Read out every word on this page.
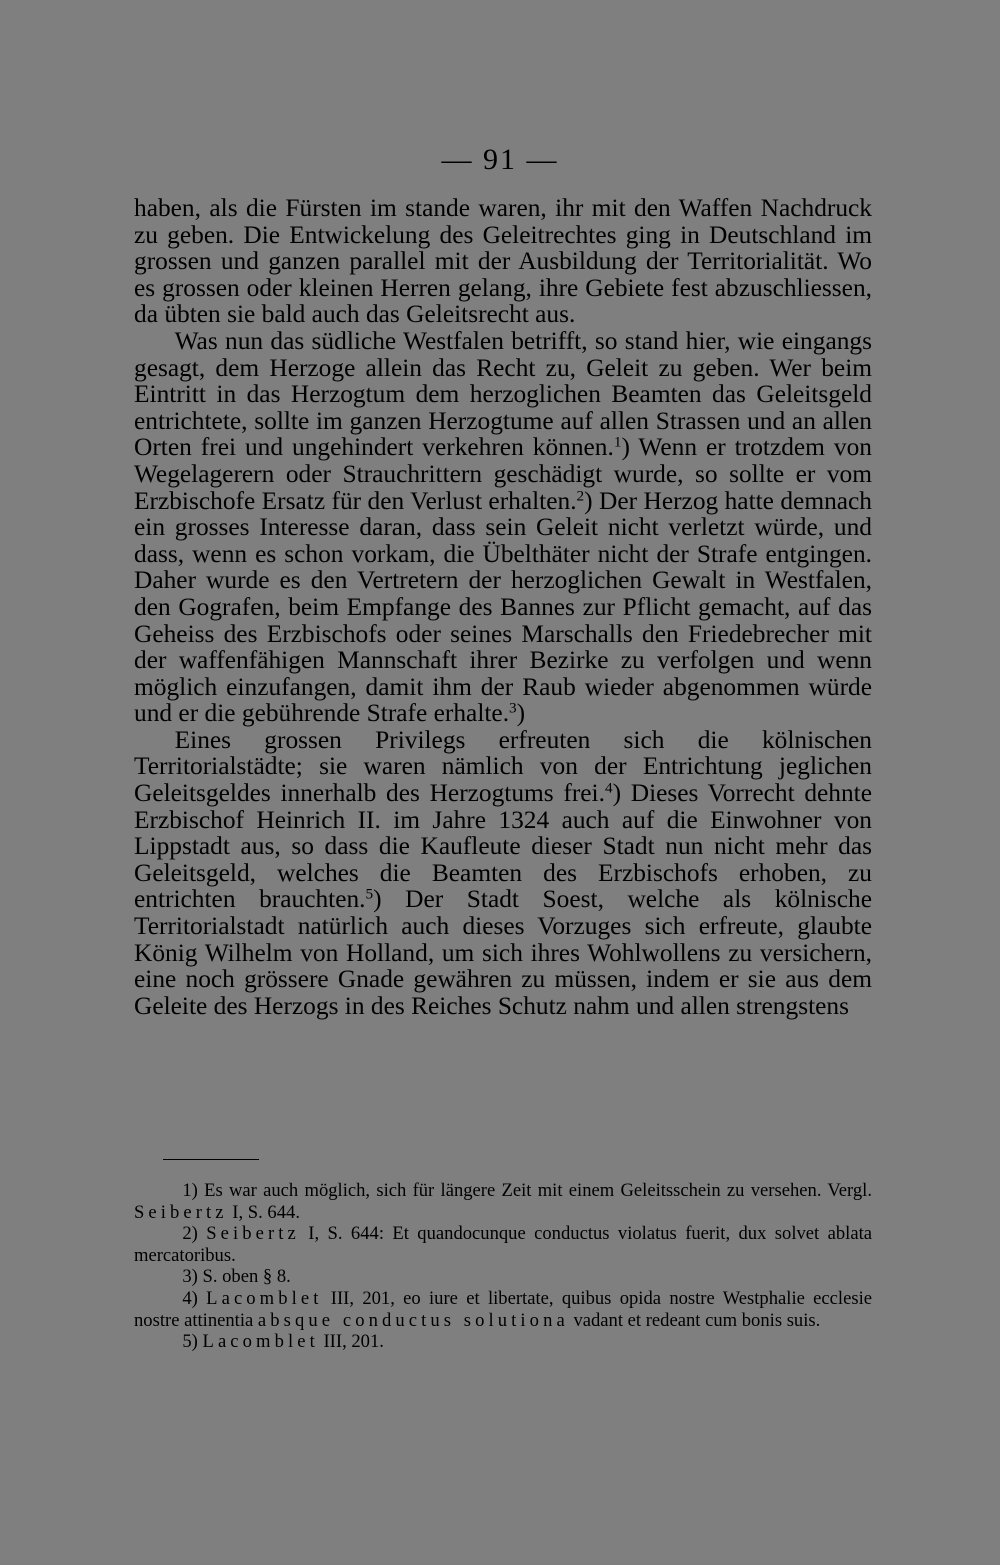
— 91 —

haben, als die Fürsten im stande waren, ihr mit den Waffen Nachdruck zu geben. Die Entwickelung des Geleitrechtes ging in Deutschland im grossen und ganzen parallel mit der Ausbildung der Territorialität. Wo es grossen oder kleinen Herren gelang, ihre Gebiete fest abzuschliessen, da übten sie bald auch das Geleitsrecht aus.

Was nun das südliche Westfalen betrifft, so stand hier, wie eingangs gesagt, dem Herzoge allein das Recht zu, Geleit zu geben. Wer beim Eintritt in das Herzogtum dem herzoglichen Beamten das Geleitsgeld entrichtete, sollte im ganzen Herzogtume auf allen Strassen und an allen Orten frei und ungehindert verkehren können.$^1$) Wenn er trotzdem von Wegelagerern oder Strauchrittern geschädigt wurde, so sollte er vom Erzbischofe Ersatz für den Verlust erhalten.$^2$) Der Herzog hatte demnach ein grosses Interesse daran, dass sein Geleit nicht verletzt würde, und dass, wenn es schon vorkam, die Übelthäter nicht der Strafe entgingen. Daher wurde es den Vertretern der herzoglichen Gewalt in Westfalen, den Gografen, beim Empfange des Bannes zur Pflicht gemacht, auf das Geheiss des Erzbischofs oder seines Marschalls den Friedebrecher mit der waffenfähigen Mannschaft ihrer Bezirke zu verfolgen und wenn möglich einzufangen, damit ihm der Raub wieder abgenommen würde und er die gebührende Strafe erhalte.$^3$)

Eines grossen Privilegs erfreuten sich die kölnischen Territorialstädte; sie waren nämlich von der Entrichtung jeglichen Geleitsgeldes innerhalb des Herzogtums frei.$^4$) Dieses Vorrecht dehnte Erzbischof Heinrich II. im Jahre 1324 auch auf die Einwohner von Lippstadt aus, so dass die Kaufleute dieser Stadt nun nicht mehr das Geleitsgeld, welches die Beamten des Erzbischofs erhoben, zu entrichten brauchten.$^5$) Der Stadt Soest, welche als kölnische Territorialstadt natürlich auch dieses Vorzuges sich erfreute, glaubte König Wilhelm von Holland, um sich ihres Wohlwollens zu versichern, eine noch grössere Gnade gewähren zu müssen, indem er sie aus dem Geleite des Herzogs in des Reiches Schutz nahm und allen strengstens

1) Es war auch möglich, sich für längere Zeit mit einem Geleitsschein zu versehen. Vergl. Seibertz I, S. 644.

2) Seibertz I, S. 644: Et quandocunque conductus violatus fuerit, dux solvet ablata mercatoribus.

3) S. oben § 8.

4) Lacomblet III, 201, eo iure et libertate, quibus opida nostre Westphalie ecclesie nostre attinentia absque conductus solutiona vadant et redeant cum bonis suis.

5) Lacomblet III, 201.
